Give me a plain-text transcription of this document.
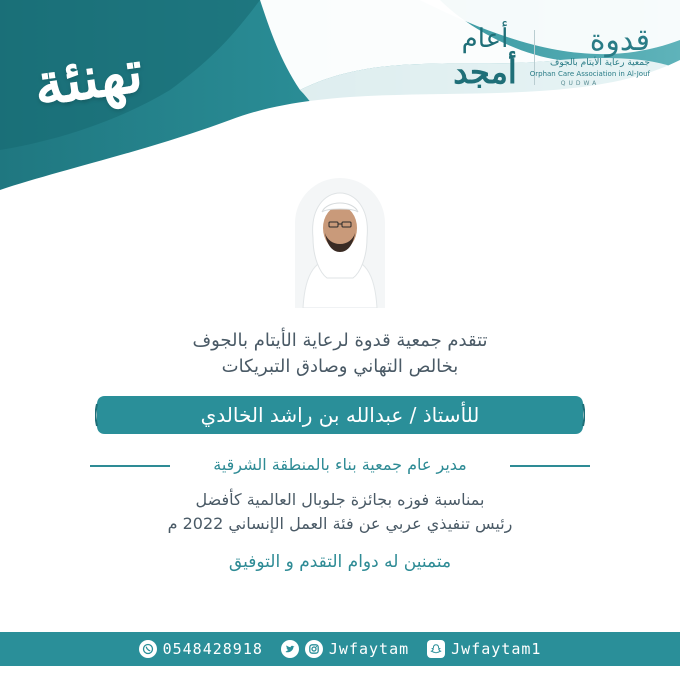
تهنئة	أعام
أمجد
قدوة
جمعية رعاية الأيتام بالجوف
Orphan Care Association in Al-Jouf
QUDWA
تتقدم جمعية قدوة لرعاية الأيتام بالجوف
بخالص التهاني وصادق التبريكات
للأستاذ / عبدالله بن راشد الخالدي
مدير عام جمعية بناء بالمنطقة الشرقية
بمناسبة فوزه بجائزة جلوبال العالمية كأفضل
رئيس تنفيذي عربي عن فئة العمل الإنساني 2022 م
متمنين له دوام التقدم و التوفيق
0548428918	Jwfaytam	Jwfaytam1
